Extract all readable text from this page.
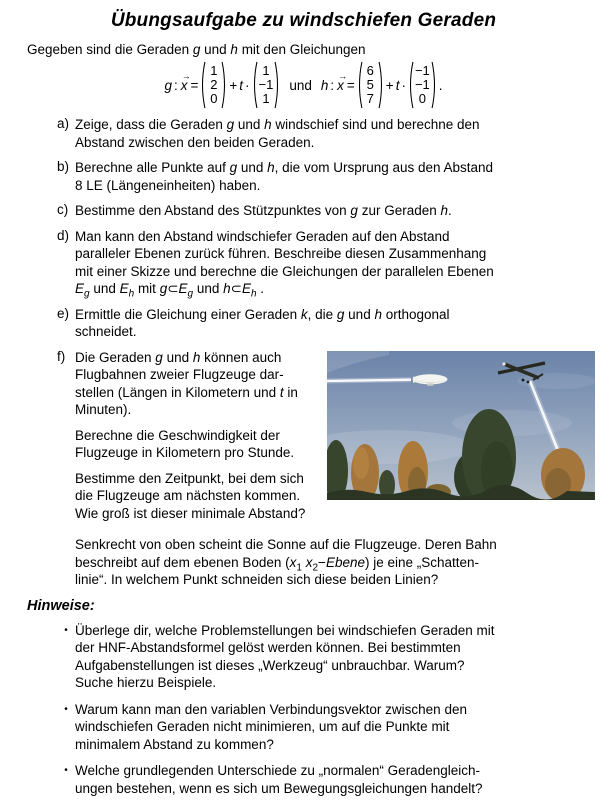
Übungsaufgabe zu windschiefen Geraden

Gegeben sind die Geraden g und h mit den Gleichungen

g :
→
x =
1
2
0
+ t ·
1
−1
1
und h :
→
x =
6
5
7
+ t ·
−1
−1
0
.
a) Zeige, dass die Geraden g und h windschief sind und berechne den
Abstand zwischen den beiden Geraden.
b) Berechne alle Punkte auf g und h, die vom Ursprung aus den Abstand
8 LE (Längeneinheiten) haben.
c) Bestimme den Abstand des Stützpunktes von g zur Geraden h.
d) Man kann den Abstand windschiefer Geraden auf den Abstand
paralleler Ebenen zurück führen. Beschreibe diesen Zusammenhang
mit einer Skizze und berechne die Gleichungen der parallelen Ebenen
$E_g$ und $E_h$ mit $g\subset E_g$ und $h\subset E_h$ .
e) Ermittle die Gleichung einer Geraden k, die g und h orthogonal
schneidet.
f) Die Geraden g und h können auch
Flugbahnen zweier Flugzeuge dar-
stellen (Längen in Kilometern und t in
Minuten).

Berechne die Geschwindigkeit der
Flugzeuge in Kilometern pro Stunde.

Bestimme den Zeitpunkt, bei dem sich
die Flugzeuge am nächsten kommen.
Wie groß ist dieser minimale Abstand?

Senkrecht von oben scheint die Sonne auf die Flugzeuge. Deren Bahn
beschreibt auf dem ebenen Boden ($x_1$ $x_2-Ebene$) je eine „Schatten-
linie“. In welchem Punkt schneiden sich diese beiden Linien?

Hinweise:
• Überlege dir, welche Problemstellungen bei windschiefen Geraden mit
der HNF-Abstandsformel gelöst werden können. Bei bestimmten
Aufgabenstellungen ist dieses „Werkzeug“ unbrauchbar. Warum?
Suche hierzu Beispiele.
• Warum kann man den variablen Verbindungsvektor zwischen den
windschiefen Geraden nicht minimieren, um auf die Punkte mit
minimalem Abstand zu kommen?
• Welche grundlegenden Unterschiede zu „normalen“ Geradengleich-
ungen bestehen, wenn es sich um Bewegungsgleichungen handelt?
